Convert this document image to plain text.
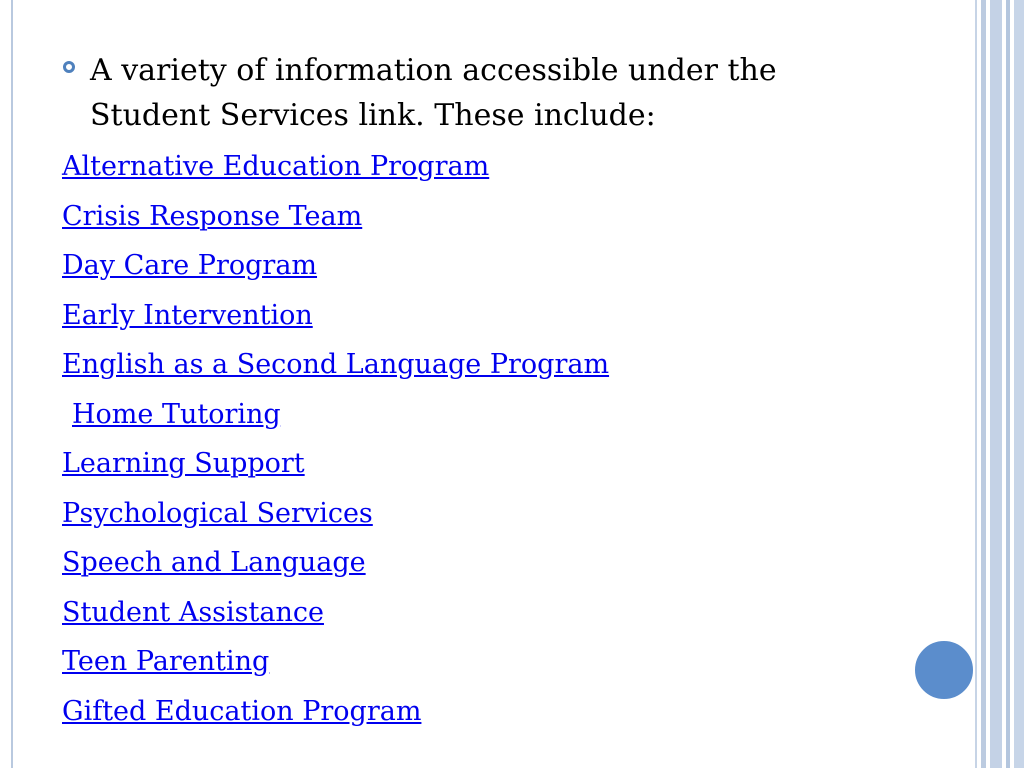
A variety of information accessible under the Student Services link. These include:
Alternative Education Program
Crisis Response Team
Day Care Program
Early Intervention
English as a Second Language Program
Home Tutoring
Learning Support
Psychological Services
Speech and Language
Student Assistance
Teen Parenting
Gifted Education Program
